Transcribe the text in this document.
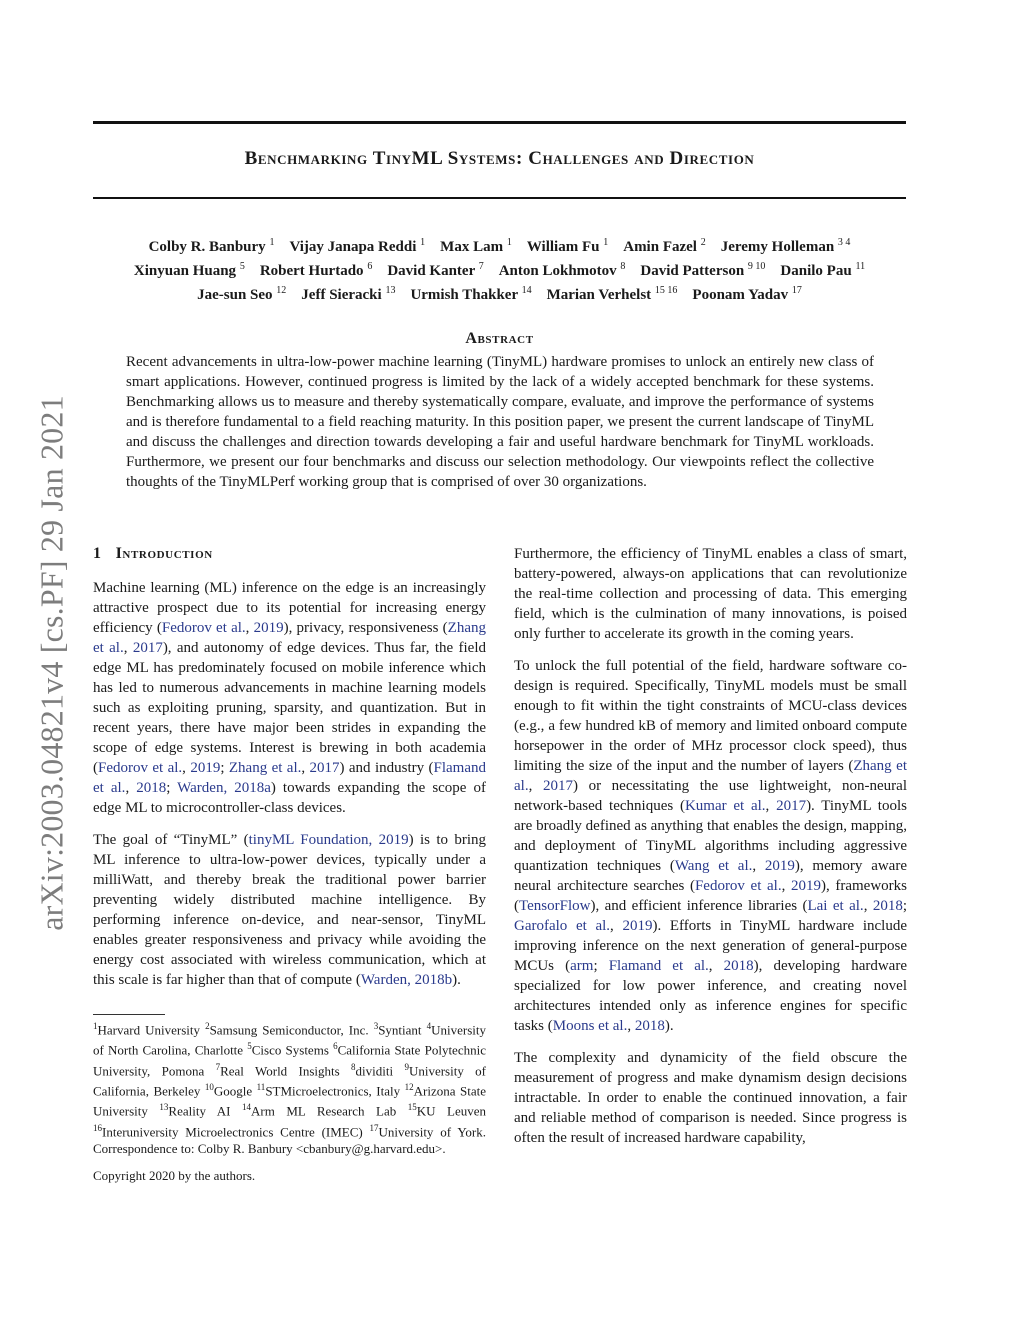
Benchmarking TinyML Systems: Challenges and Direction
Colby R. Banbury $^1$  Vijay Janapa Reddi $^1$  Max Lam $^1$  William Fu $^1$  Amin Fazel $^2$  Jeremy Holleman $^{3 4}$
Xinyuan Huang $^5$  Robert Hurtado $^6$  David Kanter $^7$  Anton Lokhmotov $^8$  David Patterson $^{9 10}$  Danilo Pau $^{11}$
Jae-sun Seo $^{12}$  Jeff Sieracki $^{13}$  Urmish Thakker $^{14}$  Marian Verhelst $^{15 16}$  Poonam Yadav $^{17}$
Abstract
Recent advancements in ultra-low-power machine learning (TinyML) hardware promises to unlock an entirely new class of smart applications. However, continued progress is limited by the lack of a widely accepted benchmark for these systems. Benchmarking allows us to measure and thereby systematically compare, evaluate, and improve the performance of systems and is therefore fundamental to a field reaching maturity. In this position paper, we present the current landscape of TinyML and discuss the challenges and direction towards developing a fair and useful hardware benchmark for TinyML workloads. Furthermore, we present our four benchmarks and discuss our selection methodology. Our viewpoints reflect the collective thoughts of the TinyMLPerf working group that is comprised of over 30 organizations.
arXiv:2003.04821v4 [cs.PF] 29 Jan 2021 1 Introduction

Machine learning (ML) inference on the edge is an increasingly attractive prospect due to its potential for increasing energy efficiency (Fedorov et al., 2019), privacy, responsiveness (Zhang et al., 2017), and autonomy of edge devices. Thus far, the field edge ML has predominately focused on mobile inference which has led to numerous advancements in machine learning models such as exploiting pruning, sparsity, and quantization. But in recent years, there have major been strides in expanding the scope of edge systems. Interest is brewing in both academia (Fedorov et al., 2019; Zhang et al., 2017) and industry (Flamand et al., 2018; Warden, 2018a) towards expanding the scope of edge ML to microcontroller-class devices.

The goal of “TinyML” (tinyML Foundation, 2019) is to bring ML inference to ultra-low-power devices, typically under a milliWatt, and thereby break the traditional power barrier preventing widely distributed machine intelligence. By performing inference on-device, and near-sensor, TinyML enables greater responsiveness and privacy while avoiding the energy cost associated with wireless communication, which at this scale is far higher than that of compute (Warden, 2018b).

$^1$Harvard University $^2$Samsung Semiconductor, Inc. $^3$Syntiant $^4$University of North Carolina, Charlotte $^5$Cisco Systems $^6$California State Polytechnic University, Pomona $^7$Real World Insights $^8$dividiti $^9$University of California, Berkeley $^{10}$Google $^{11}$STMicroelectronics, Italy $^{12}$Arizona State University $^{13}$Reality AI $^{14}$Arm ML Research Lab $^{15}$KU Leuven $^{16}$Interuniversity Microelectronics Centre (IMEC) $^{17}$University of York. Correspondence to: Colby R. Banbury <cbanbury@g.harvard.edu>.
Copyright 2020 by the authors.

Furthermore, the efficiency of TinyML enables a class of smart, battery-powered, always-on applications that can revolutionize the real-time collection and processing of data. This emerging field, which is the culmination of many innovations, is poised only further to accelerate its growth in the coming years.

To unlock the full potential of the field, hardware software co-design is required. Specifically, TinyML models must be small enough to fit within the tight constraints of MCU-class devices (e.g., a few hundred kB of memory and limited onboard compute horsepower in the order of MHz processor clock speed), thus limiting the size of the input and the number of layers (Zhang et al., 2017) or necessitating the use lightweight, non-neural network-based techniques (Kumar et al., 2017). TinyML tools are broadly defined as anything that enables the design, mapping, and deployment of TinyML algorithms including aggressive quantization techniques (Wang et al., 2019), memory aware neural architecture searches (Fedorov et al., 2019), frameworks (TensorFlow), and efficient inference libraries (Lai et al., 2018; Garofalo et al., 2019). Efforts in TinyML hardware include improving inference on the next generation of general-purpose MCUs (arm; Flamand et al., 2018), developing hardware specialized for low power inference, and creating novel architectures intended only as inference engines for specific tasks (Moons et al., 2018).

The complexity and dynamicity of the field obscure the measurement of progress and make dynamism design decisions intractable. In order to enable the continued innovation, a fair and reliable method of comparison is needed. Since progress is often the result of increased hardware capability,
